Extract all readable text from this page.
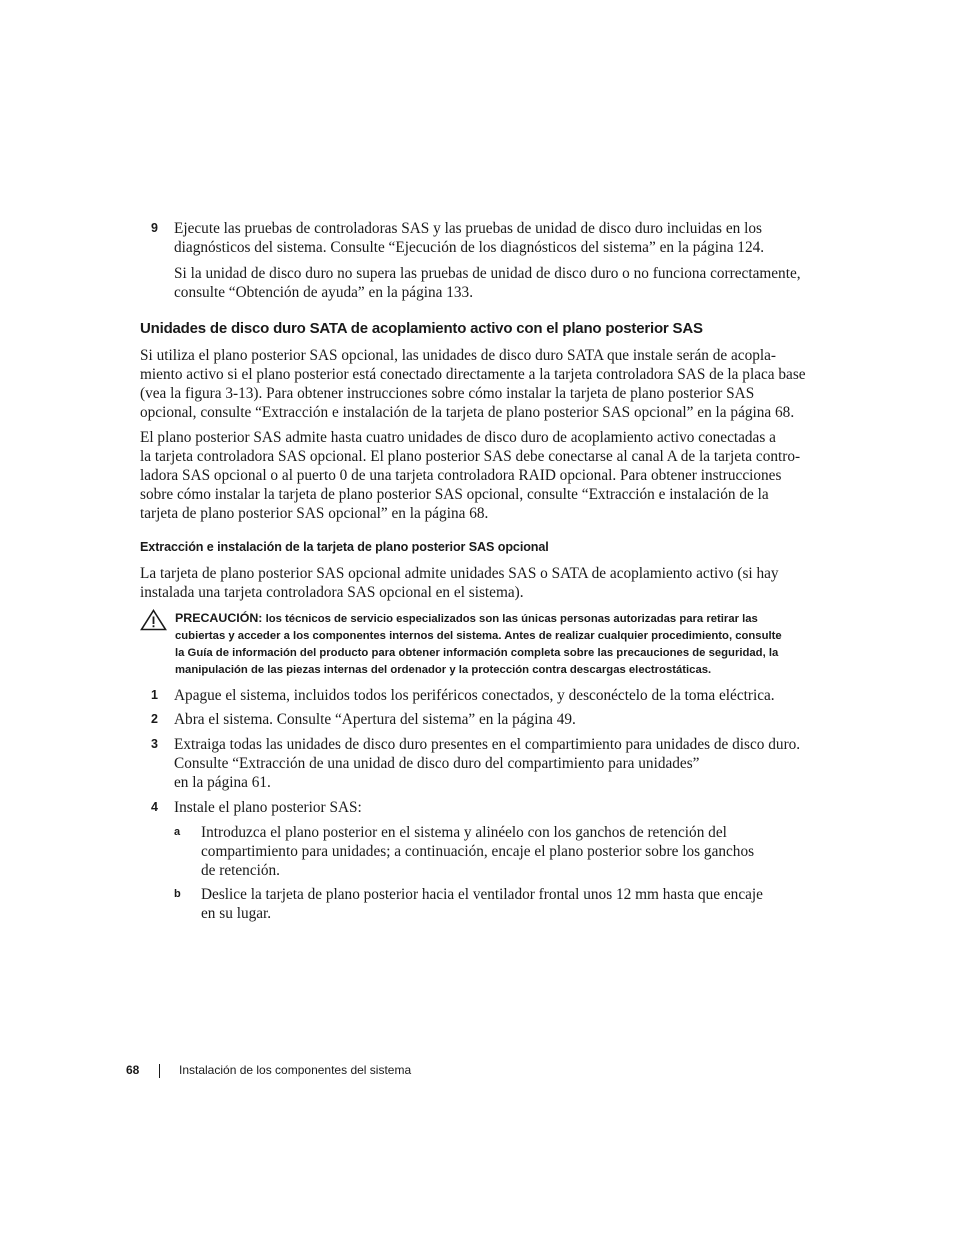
9 Ejecute las pruebas de controladoras SAS y las pruebas de unidad de disco duro incluidas en los
diagnósticos del sistema. Consulte “Ejecución de los diagnósticos del sistema” en la página 124.
Si la unidad de disco duro no supera las pruebas de unidad de disco duro o no funciona correctamente,
consulte “Obtención de ayuda” en la página 133.
Unidades de disco duro SATA de acoplamiento activo con el plano posterior SAS
Si utiliza el plano posterior SAS opcional, las unidades de disco duro SATA que instale serán de acopla-
miento activo si el plano posterior está conectado directamente a la tarjeta controladora SAS de la placa base
(vea la figura 3-13). Para obtener instrucciones sobre cómo instalar la tarjeta de plano posterior SAS
opcional, consulte “Extracción e instalación de la tarjeta de plano posterior SAS opcional” en la página 68.
El plano posterior SAS admite hasta cuatro unidades de disco duro de acoplamiento activo conectadas a
la tarjeta controladora SAS opcional. El plano posterior SAS debe conectarse al canal A de la tarjeta contro-
ladora SAS opcional o al puerto 0 de una tarjeta controladora RAID opcional. Para obtener instrucciones
sobre cómo instalar la tarjeta de plano posterior SAS opcional, consulte “Extracción e instalación de la
tarjeta de plano posterior SAS opcional” en la página 68.
Extracción e instalación de la tarjeta de plano posterior SAS opcional
La tarjeta de plano posterior SAS opcional admite unidades SAS o SATA de acoplamiento activo (si hay
instalada una tarjeta controladora SAS opcional en el sistema).
PRECAUCIÓN: los técnicos de servicio especializados son las únicas personas autorizadas para retirar las
cubiertas y acceder a los componentes internos del sistema. Antes de realizar cualquier procedimiento, consulte
la Guía de información del producto para obtener información completa sobre las precauciones de seguridad, la
manipulación de las piezas internas del ordenador y la protección contra descargas electrostáticas.
1 Apague el sistema, incluidos todos los periféricos conectados, y desconéctelo de la toma eléctrica.
2 Abra el sistema. Consulte “Apertura del sistema” en la página 49.
3 Extraiga todas las unidades de disco duro presentes en el compartimiento para unidades de disco duro.
Consulte “Extracción de una unidad de disco duro del compartimiento para unidades”
en la página 61.
4 Instale el plano posterior SAS:
a Introduzca el plano posterior en el sistema y alinéelo con los ganchos de retención del
compartimiento para unidades; a continuación, encaje el plano posterior sobre los ganchos
de retención.
b Deslice la tarjeta de plano posterior hacia el ventilador frontal unos 12 mm hasta que encaje
en su lugar.
68	Instalación de los componentes del sistema
